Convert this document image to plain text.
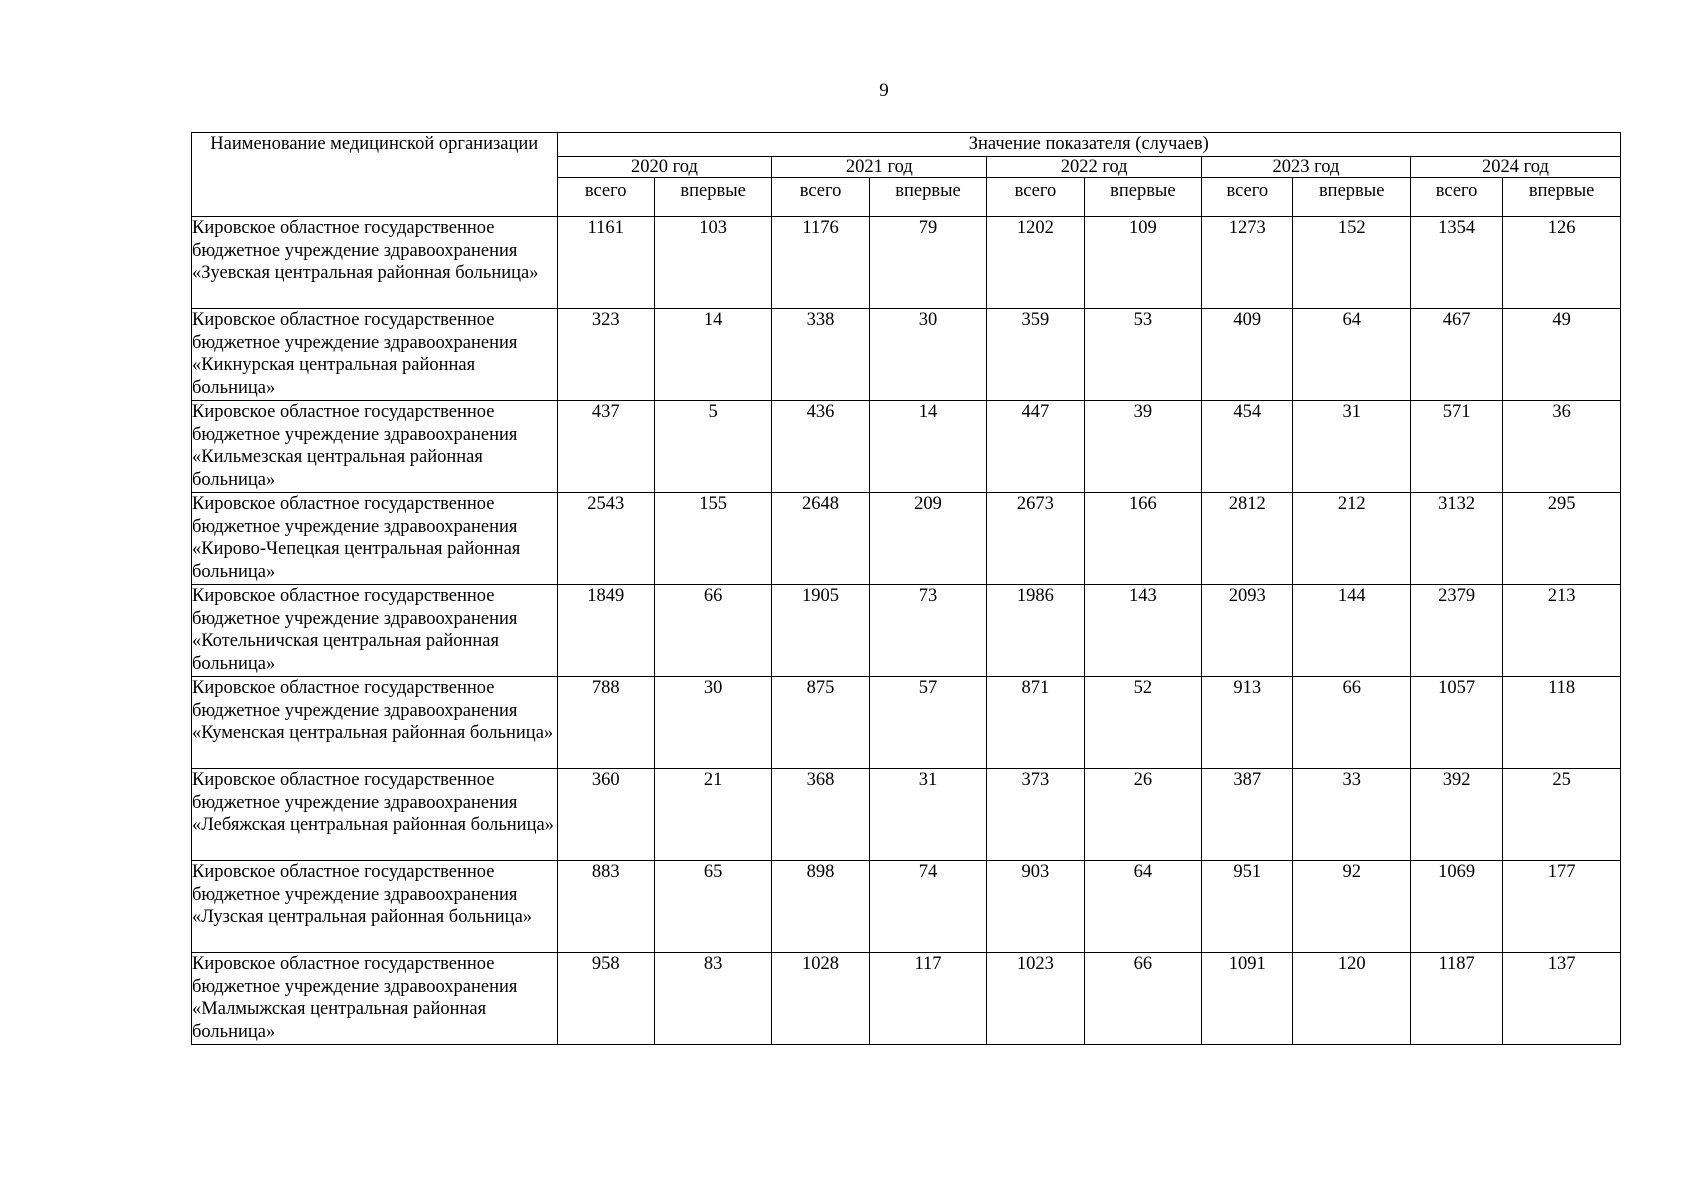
9
Наименование медицинской организации	Значение показателя (случаев)									
	2020 год		2021 год		2022 год		2023 год		2024 год	
	всего	впервые	всего	впервые	всего	впервые	всего	впервые	всего	впервые
Кировское областное государственное бюджетное учреждение здравоохранения «Зуевская центральная районная больница»	1161	103	1176	79	1202	109	1273	152	1354	126
Кировское областное государственное бюджетное учреждение здравоохранения «Кикнурская центральная районная больница»	323	14	338	30	359	53	409	64	467	49
Кировское областное государственное бюджетное учреждение здравоохранения «Кильмезская центральная районная больница»	437	5	436	14	447	39	454	31	571	36
Кировское областное государственное бюджетное учреждение здравоохранения «Кирово-Чепецкая центральная районная больница»	2543	155	2648	209	2673	166	2812	212	3132	295
Кировское областное государственное бюджетное учреждение здравоохранения «Котельничская центральная районная больница»	1849	66	1905	73	1986	143	2093	144	2379	213
Кировское областное государственное бюджетное учреждение здравоохранения «Куменская центральная районная больница»	788	30	875	57	871	52	913	66	1057	118
Кировское областное государственное бюджетное учреждение здравоохранения «Лебяжская центральная районная больница»	360	21	368	31	373	26	387	33	392	25
Кировское областное государственное бюджетное учреждение здравоохранения «Лузская центральная районная больница»	883	65	898	74	903	64	951	92	1069	177
Кировское областное государственное бюджетное учреждение здравоохранения «Малмыжская центральная районная больница»	958	83	1028	117	1023	66	1091	120	1187	137
